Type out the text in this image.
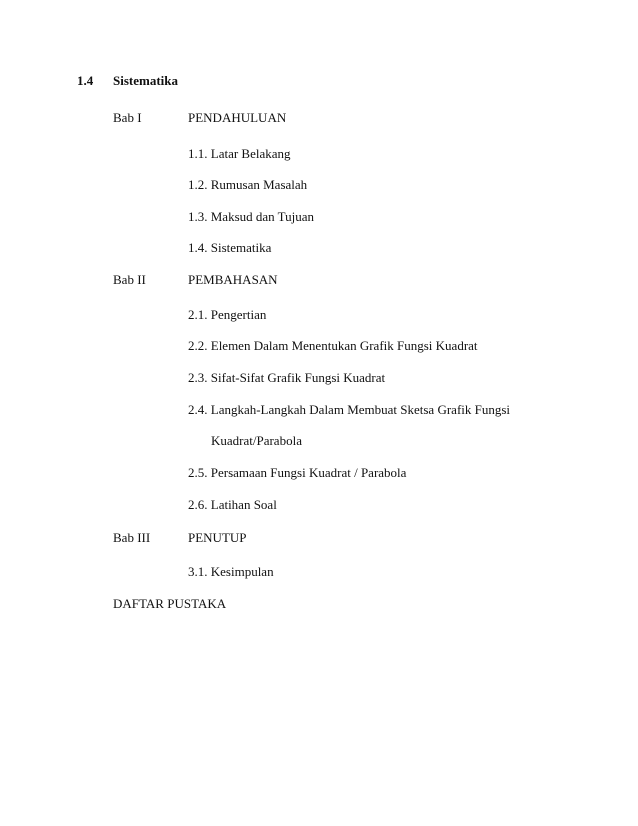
1.4 Sistematika
Bab I	PENDAHULUAN
1.1. Latar Belakang
1.2. Rumusan Masalah
1.3. Maksud dan Tujuan
1.4. Sistematika
Bab II	PEMBAHASAN
2.1. Pengertian
2.2. Elemen Dalam Menentukan Grafik Fungsi Kuadrat
2.3. Sifat-Sifat Grafik Fungsi Kuadrat
2.4. Langkah-Langkah Dalam Membuat Sketsa Grafik Fungsi
Kuadrat/Parabola
2.5. Persamaan Fungsi Kuadrat / Parabola
2.6. Latihan Soal
Bab III	PENUTUP
3.1. Kesimpulan
DAFTAR PUSTAKA
